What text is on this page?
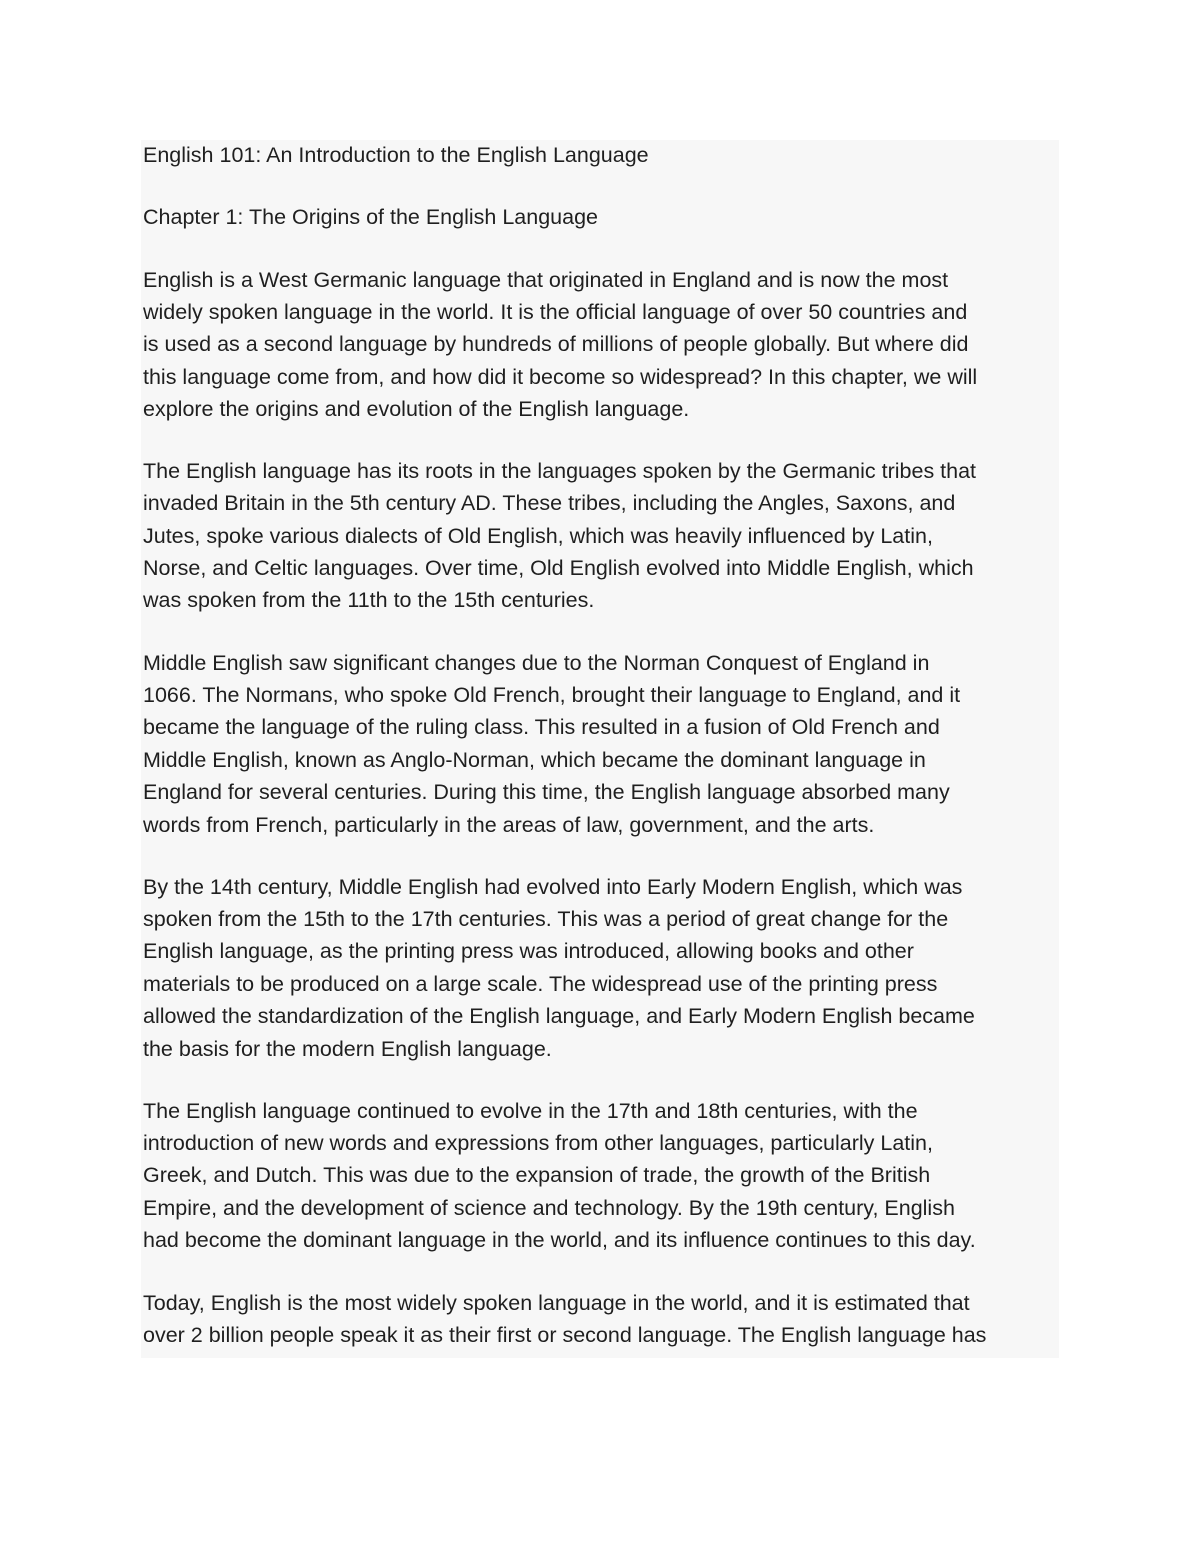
English 101: An Introduction to the English Language

Chapter 1: The Origins of the English Language

English is a West Germanic language that originated in England and is now the most

widely spoken language in the world. It is the official language of over 50 countries and

is used as a second language by hundreds of millions of people globally. But where did

this language come from, and how did it become so widespread? In this chapter, we will

explore the origins and evolution of the English language.

The English language has its roots in the languages spoken by the Germanic tribes that

invaded Britain in the 5th century AD. These tribes, including the Angles, Saxons, and

Jutes, spoke various dialects of Old English, which was heavily influenced by Latin,

Norse, and Celtic languages. Over time, Old English evolved into Middle English, which

was spoken from the 11th to the 15th centuries.

Middle English saw significant changes due to the Norman Conquest of England in

1066. The Normans, who spoke Old French, brought their language to England, and it

became the language of the ruling class. This resulted in a fusion of Old French and

Middle English, known as Anglo-Norman, which became the dominant language in

England for several centuries. During this time, the English language absorbed many

words from French, particularly in the areas of law, government, and the arts.

By the 14th century, Middle English had evolved into Early Modern English, which was

spoken from the 15th to the 17th centuries. This was a period of great change for the

English language, as the printing press was introduced, allowing books and other

materials to be produced on a large scale. The widespread use of the printing press

allowed the standardization of the English language, and Early Modern English became

the basis for the modern English language.

The English language continued to evolve in the 17th and 18th centuries, with the

introduction of new words and expressions from other languages, particularly Latin,

Greek, and Dutch. This was due to the expansion of trade, the growth of the British

Empire, and the development of science and technology. By the 19th century, English

had become the dominant language in the world, and its influence continues to this day.

Today, English is the most widely spoken language in the world, and it is estimated that

over 2 billion people speak it as their first or second language. The English language has
